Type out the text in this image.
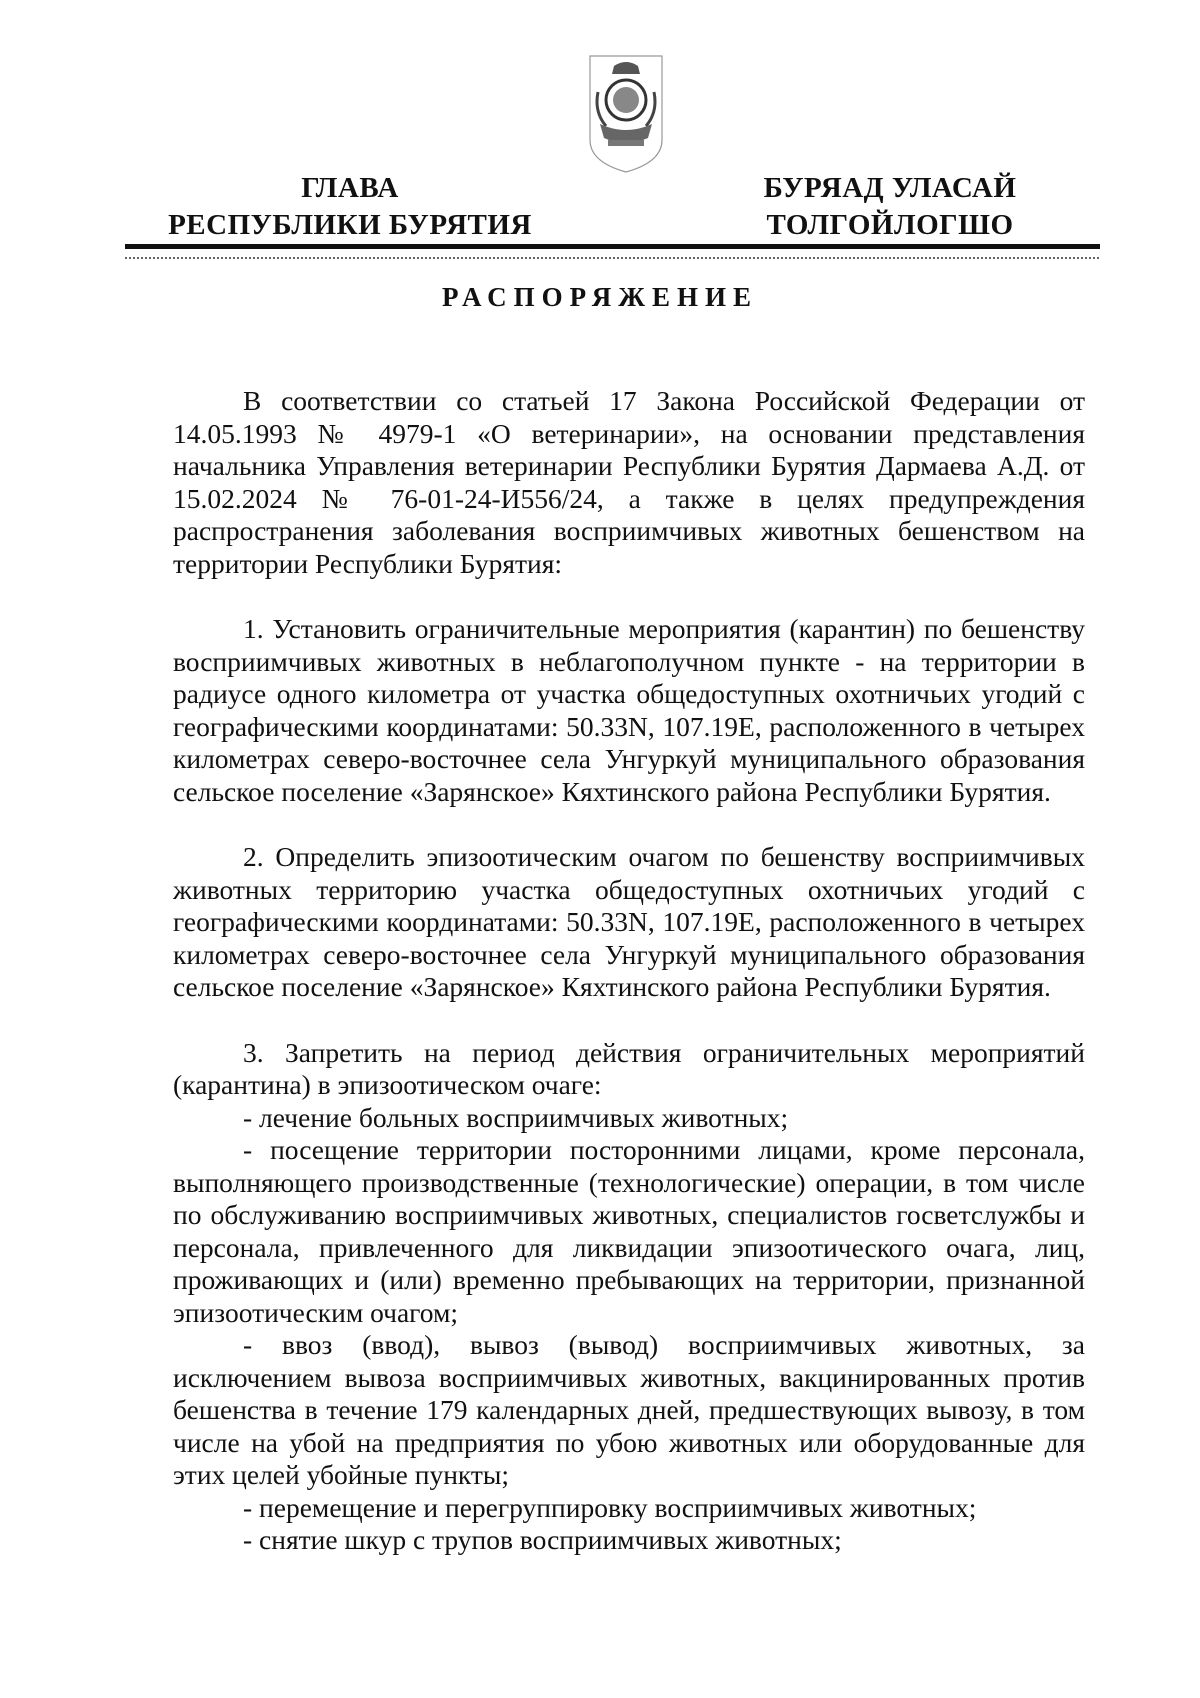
ГЛАВА
РЕСПУБЛИКИ БУРЯТИЯ
БУРЯАД УЛАСАЙ
ТОЛГОЙЛОГШО
РАСПОРЯЖЕНИЕ

В соответствии со статьей 17 Закона Российской Федерации от 14.05.1993 № 4979-1 «О ветеринарии», на основании представления начальника Управления ветеринарии Республики Бурятия Дармаева А.Д. от 15.02.2024 № 76-01-24-И556/24, а также в целях предупреждения распространения заболевания восприимчивых животных бешенством на территории Республики Бурятия:

1. Установить ограничительные мероприятия (карантин) по бешенству восприимчивых животных в неблагополучном пункте - на территории в радиусе одного километра от участка общедоступных охотничьих угодий с географическими координатами: 50.33N, 107.19E, расположенного в четырех километрах северо-восточнее села Унгуркуй муниципального образования сельское поселение «Зарянское» Кяхтинского района Республики Бурятия.

2. Определить эпизоотическим очагом по бешенству восприимчивых животных территорию участка общедоступных охотничьих угодий с географическими координатами: 50.33N, 107.19E, расположенного в четырех километрах северо-восточнее села Унгуркуй муниципального образования сельское поселение «Зарянское» Кяхтинского района Республики Бурятия.

3. Запретить на период действия ограничительных мероприятий (карантина) в эпизоотическом очаге:

- лечение больных восприимчивых животных;

- посещение территории посторонними лицами, кроме персонала, выполняющего производственные (технологические) операции, в том числе по обслуживанию восприимчивых животных, специалистов госветслужбы и персонала, привлеченного для ликвидации эпизоотического очага, лиц, проживающих и (или) временно пребывающих на территории, признанной эпизоотическим очагом;

- ввоз (ввод), вывоз (вывод) восприимчивых животных, за исключением вывоза восприимчивых животных, вакцинированных против бешенства в течение 179 календарных дней, предшествующих вывозу, в том числе на убой на предприятия по убою животных или оборудованные для этих целей убойные пункты;

- перемещение и перегруппировку восприимчивых животных;

- снятие шкур с трупов восприимчивых животных;
